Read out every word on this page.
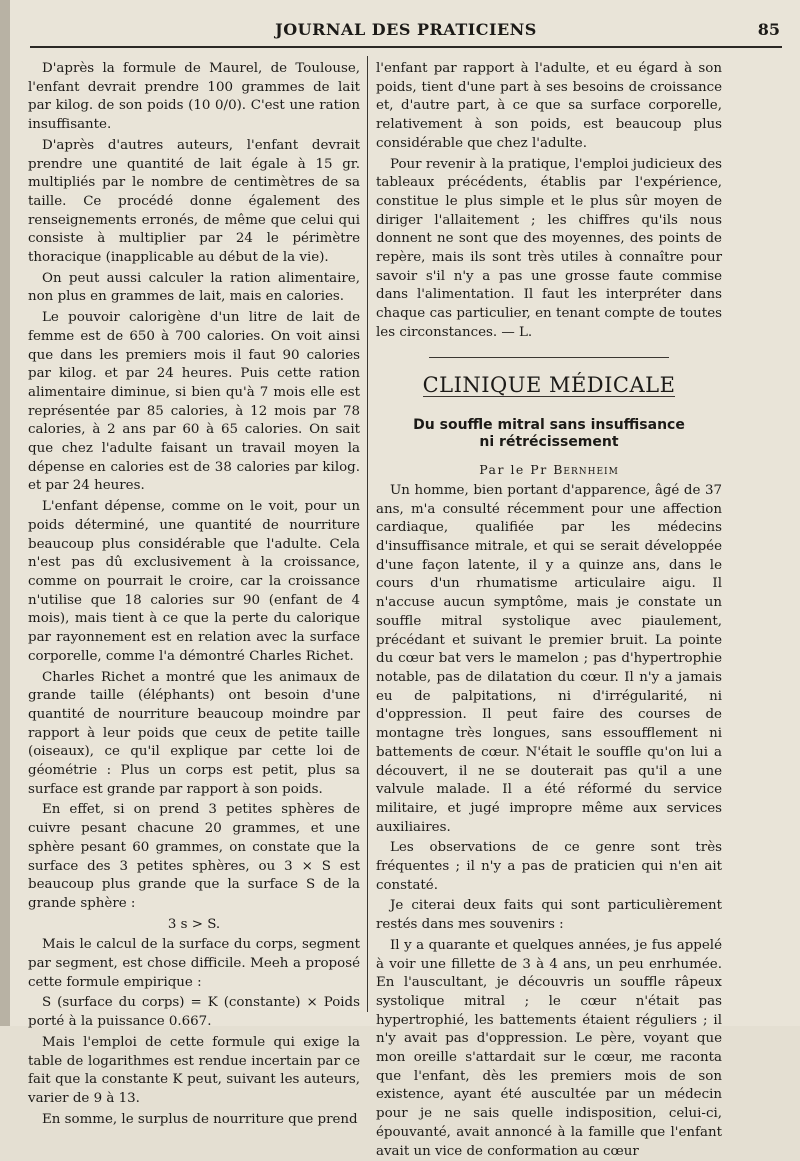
JOURNAL DES PRATICIENS	85

D'après la formule de Maurel, de Toulouse, l'enfant devrait prendre 100 grammes de lait par kilog. de son poids (10 0/0). C'est une ration insuffisante.

D'après d'autres auteurs, l'enfant devrait prendre une quantité de lait égale à 15 gr. multipliés par le nombre de centimètres de sa taille. Ce procédé donne également des renseignements erronés, de même que celui qui consiste à multiplier par 24 le périmètre thoracique (inapplicable au début de la vie).

On peut aussi calculer la ration alimentaire, non plus en grammes de lait, mais en calories.

Le pouvoir calorigène d'un litre de lait de femme est de 650 à 700 calories. On voit ainsi que dans les premiers mois il faut 90 calories par kilog. et par 24 heures. Puis cette ration alimentaire diminue, si bien qu'à 7 mois elle est représentée par 85 calories, à 12 mois par 78 calories, à 2 ans par 60 à 65 calories. On sait que chez l'adulte faisant un travail moyen la dépense en calories est de 38 calories par kilog. et par 24 heures.

L'enfant dépense, comme on le voit, pour un poids déterminé, une quantité de nourriture beaucoup plus considérable que l'adulte. Cela n'est pas dû exclusivement à la croissance, comme on pourrait le croire, car la croissance n'utilise que 18 calories sur 90 (enfant de 4 mois), mais tient à ce que la perte du calorique par rayonnement est en relation avec la surface corporelle, comme l'a démontré Charles Richet.

Charles Richet a montré que les animaux de grande taille (éléphants) ont besoin d'une quantité de nourriture beaucoup moindre par rapport à leur poids que ceux de petite taille (oiseaux), ce qu'il explique par cette loi de géométrie : Plus un corps est petit, plus sa surface est grande par rapport à son poids.

En effet, si on prend 3 petites sphères de cuivre pesant chacune 20 grammes, et une sphère pesant 60 grammes, on constate que la surface des 3 petites sphères, ou 3 × S est beaucoup plus grande que la surface S de la grande sphère :

3 s > S.

Mais le calcul de la surface du corps, segment par segment, est chose difficile. Meeh a proposé cette formule empirique :

S (surface du corps) = K (constante) × Poids porté à la puissance 0.667.

Mais l'emploi de cette formule qui exige la table de logarithmes est rendue incertain par ce fait que la constante K peut, suivant les auteurs, varier de 9 à 13.

En somme, le surplus de nourriture que prend

l'enfant par rapport à l'adulte, et eu égard à son poids, tient d'une part à ses besoins de croissance et, d'autre part, à ce que sa surface corporelle, relativement à son poids, est beaucoup plus considérable que chez l'adulte.

Pour revenir à la pratique, l'emploi judicieux des tableaux précédents, établis par l'expérience, constitue le plus simple et le plus sûr moyen de diriger l'allaitement ; les chiffres qu'ils nous donnent ne sont que des moyennes, des points de repère, mais ils sont très utiles à connaître pour savoir s'il n'y a pas une grosse faute commise dans l'alimentation. Il faut les interpréter dans chaque cas particulier, en tenant compte de toutes les circonstances. — L.

CLINIQUE MÉDICALE
Du souffle mitral sans insuffisance
ni rétrécissement
Par le Pr Bernheim

Un homme, bien portant d'apparence, âgé de 37 ans, m'a consulté récemment pour une affection cardiaque, qualifiée par les médecins d'insuffisance mitrale, et qui se serait développée d'une façon latente, il y a quinze ans, dans le cours d'un rhumatisme articulaire aigu. Il n'accuse aucun symptôme, mais je constate un souffle mitral systolique avec piaulement, précédant et suivant le premier bruit. La pointe du cœur bat vers le mamelon ; pas d'hypertrophie notable, pas de dilatation du cœur. Il n'y a jamais eu de palpitations, ni d'irrégularité, ni d'oppression. Il peut faire des courses de montagne très longues, sans essoufflement ni battements de cœur. N'était le souffle qu'on lui a découvert, il ne se douterait pas qu'il a une valvule malade. Il a été réformé du service militaire, et jugé impropre même aux services auxiliaires.

Les observations de ce genre sont très fréquentes ; il n'y a pas de praticien qui n'en ait constaté.

Je citerai deux faits qui sont particulièrement restés dans mes souvenirs :

Il y a quarante et quelques années, je fus appelé à voir une fillette de 3 à 4 ans, un peu enrhumée. En l'auscultant, je découvris un souffle râpeux systolique mitral ; le cœur n'était pas hypertrophié, les battements étaient réguliers ; il n'y avait pas d'oppression. Le père, voyant que mon oreille s'attardait sur le cœur, me raconta que l'enfant, dès les premiers mois de son existence, ayant été auscultée par un médecin pour je ne sais quelle indisposition, celui-ci, épouvanté, avait annoncé à la famille que l'enfant avait un vice de conformation au cœur
